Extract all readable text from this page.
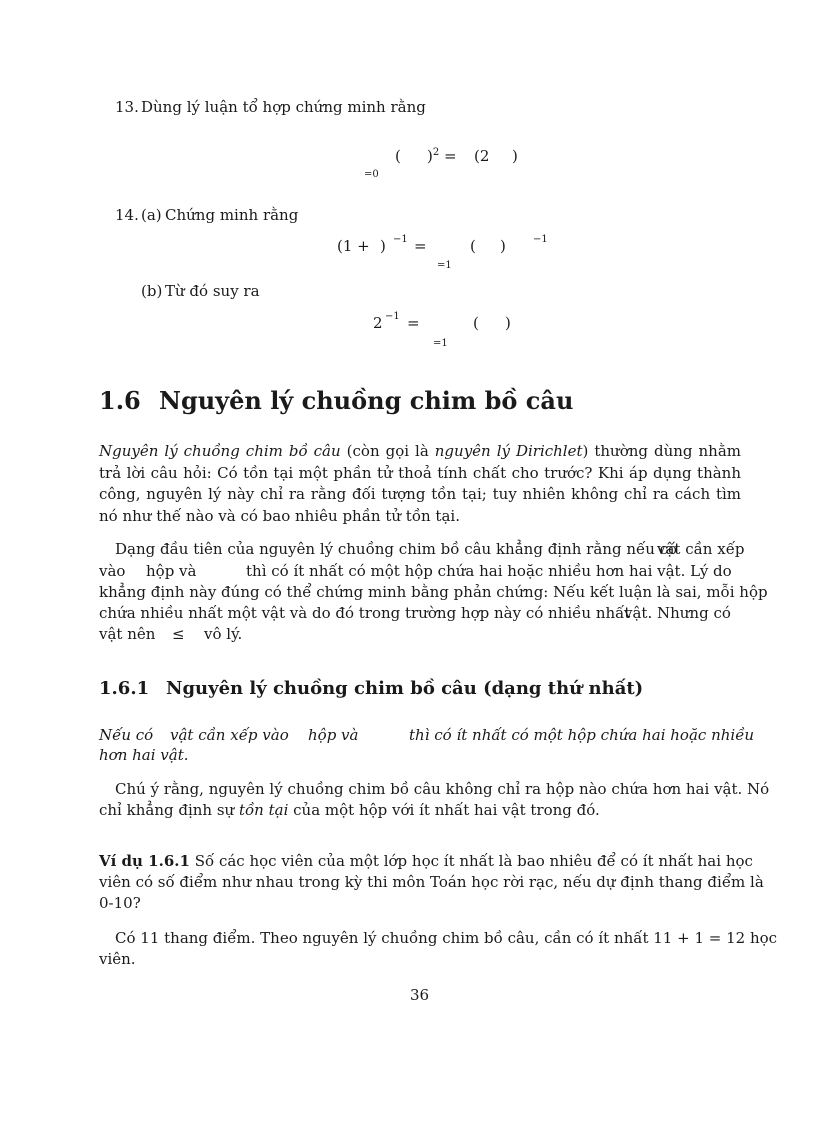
13. Dùng lý luận tổ hợp chứng minh rằng
( )$^2$ = (2 )
=0
14. (a) Chứng minh rằng
(1 + ) −1 =	( )	−1
=1
(b) Từ đó suy ra
2 −1 =	( )
=1
1.6 Nguyên lý chuồng chim bồ câu
Nguyên lý chuồng chim bồ câu (còn gọi là nguyên lý Dirichlet) thường dùng nhằm trả lời câu hỏi: Có tồn tại một phần tử thoả tính chất cho trước? Khi áp dụng thành công, nguyên lý này chỉ ra rằng đối tượng tồn tại; tuy nhiên không chỉ ra cách tìm nó như thế nào và có bao nhiêu phần tử tồn tại.
Dạng đầu tiên của nguyên lý chuồng chim bồ câu khẳng định rằng nếu có
vật cần xếp
vào hộp và	thì có ít nhất có một hộp chứa hai hoặc nhiều hơn hai vật. Lý do
khẳng định này đúng có thể chứng minh bằng phản chứng: Nếu kết luận là sai, mỗi hộp
chứa nhiều nhất một vật và do đó trong trường hợp này có nhiều nhất
vật. Nhưng có
vật nên ≤ vô lý.
1.6.1 Nguyên lý chuồng chim bồ câu (dạng thứ nhất)
Nếu có vật cần xếp vào hộp và	thì có ít nhất có một hộp chứa hai hoặc nhiều
hơn hai vật.
Chú ý rằng, nguyên lý chuồng chim bồ câu không chỉ ra hộp nào chứa hơn hai vật. Nó
chỉ khẳng định sự tồn tại của một hộp với ít nhất hai vật trong đó.
Ví dụ 1.6.1 Số các học viên của một lớp học ít nhất là bao nhiêu để có ít nhất hai học
viên có số điểm như nhau trong kỳ thi môn Toán học rời rạc, nếu dự định thang điểm là
0-10?
Có 11 thang điểm. Theo nguyên lý chuồng chim bồ câu, cần có ít nhất 11 + 1 = 12 học
viên.
36
